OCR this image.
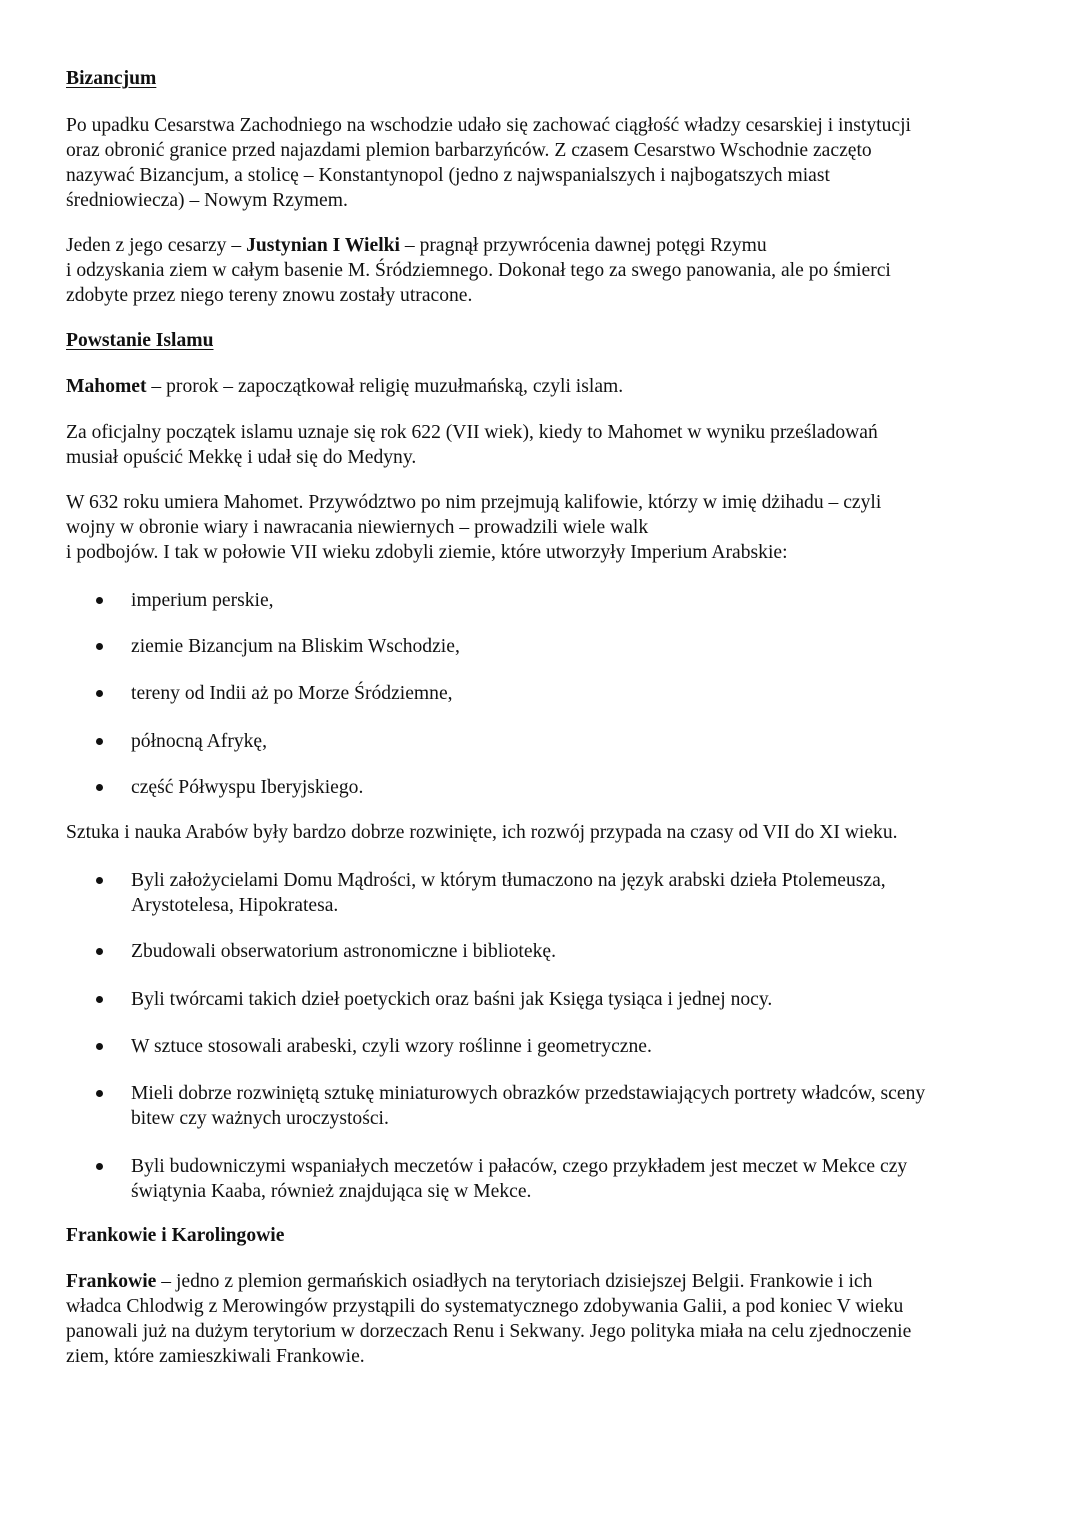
Bizancjum

Po upadku Cesarstwa Zachodniego na wschodzie udało się zachować ciągłość władzy cesarskiej i instytucji

oraz obronić granice przed najazdami plemion barbarzyńców. Z czasem Cesarstwo Wschodnie zaczęto

nazywać Bizancjum, a stolicę – Konstantynopol (jedno z najwspanialszych i najbogatszych miast

średniowiecza) – Nowym Rzymem.

Jeden z jego cesarzy – Justynian I Wielki – pragnął przywrócenia dawnej potęgi Rzymu

i odzyskania ziem w całym basenie M. Śródziemnego. Dokonał tego za swego panowania, ale po śmierci

zdobyte przez niego tereny znowu zostały utracone.

Powstanie Islamu

Mahomet – prorok – zapoczątkował religię muzułmańską, czyli islam.

Za oficjalny początek islamu uznaje się rok 622 (VII wiek), kiedy to Mahomet w wyniku prześladowań

musiał opuścić Mekkę i udał się do Medyny.

W 632 roku umiera Mahomet. Przywództwo po nim przejmują kalifowie, którzy w imię dżihadu – czyli

wojny w obronie wiary i nawracania niewiernych – prowadzili wiele walk

i podbojów. I tak w połowie VII wieku zdobyli ziemie, które utworzyły Imperium Arabskie:

imperium perskie,

ziemie Bizancjum na Bliskim Wschodzie,

tereny od Indii aż po Morze Śródziemne,

północną Afrykę,

część Półwyspu Iberyjskiego.

Sztuka i nauka Arabów były bardzo dobrze rozwinięte, ich rozwój przypada na czasy od VII do XI wieku.

Byli założycielami Domu Mądrości, w którym tłumaczono na język arabski dzieła Ptolemeusza,

Arystotelesa, Hipokratesa.

Zbudowali obserwatorium astronomiczne i bibliotekę.

Byli twórcami takich dzieł poetyckich oraz baśni jak Księga tysiąca i jednej nocy.

W sztuce stosowali arabeski, czyli wzory roślinne i geometryczne.

Mieli dobrze rozwiniętą sztukę miniaturowych obrazków przedstawiających portrety władców, sceny

bitew czy ważnych uroczystości.

Byli budowniczymi wspaniałych meczetów i pałaców, czego przykładem jest meczet w Mekce czy

świątynia Kaaba, również znajdująca się w Mekce.

Frankowie i Karolingowie

Frankowie – jedno z plemion germańskich osiadłych na terytoriach dzisiejszej Belgii. Frankowie i ich

władca Chlodwig z Merowingów przystąpili do systematycznego zdobywania Galii, a pod koniec V wieku

panowali już na dużym terytorium w dorzeczach Renu i Sekwany. Jego polityka miała na celu zjednoczenie

ziem, które zamieszkiwali Frankowie.
